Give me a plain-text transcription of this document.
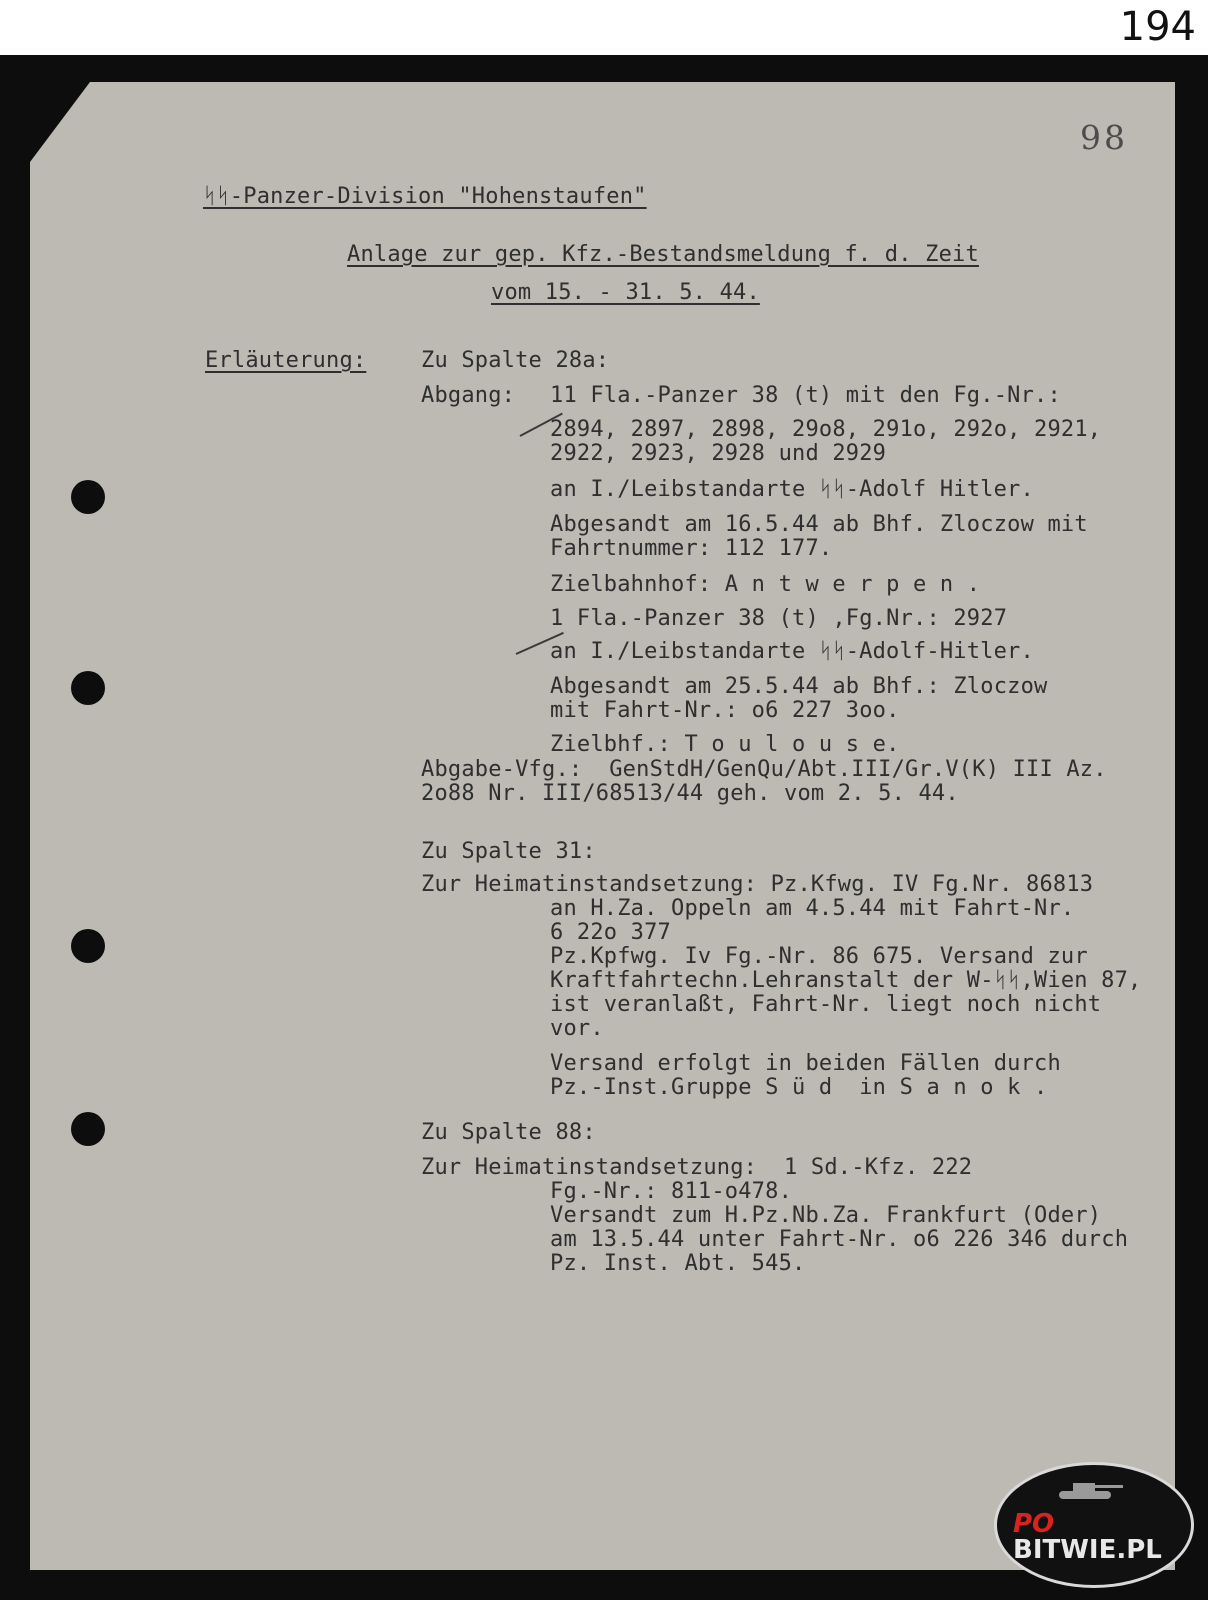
194
98
ᛋᛋ-Panzer-Division "Hohenstaufen"
Anlage zur gep. Kfz.-Bestandsmeldung f. d. Zeit
vom 15. - 31. 5. 44.
Erläuterung: Zu Spalte 28a:
Abgang: 11 Fla.-Panzer 38 (t) mit den Fg.-Nr.:
2894, 2897, 2898, 29o8, 291o, 292o, 2921,
2922, 2923, 2928 und 2929
an I./Leibstandarte ᛋᛋ-Adolf Hitler.
Abgesandt am 16.5.44 ab Bhf. Zloczow mit
Fahrtnummer: 112 177.
Zielbahnhof: A n t w e r p e n .
1 Fla.-Panzer 38 (t) ,Fg.Nr.: 2927
an I./Leibstandarte ᛋᛋ-Adolf-Hitler.
Abgesandt am 25.5.44 ab Bhf.: Zloczow
mit Fahrt-Nr.: o6 227 3oo.
Zielbhf.: T o u l o u s e.
Abgabe-Vfg.:  GenStdH/GenQu/Abt.III/Gr.V(K) III Az.
2o88 Nr. III/68513/44 geh. vom 2. 5. 44.
Zu Spalte 31:
Zur Heimatinstandsetzung: Pz.Kfwg. IV Fg.Nr. 86813
an H.Za. Oppeln am 4.5.44 mit Fahrt-Nr.
6 22o 377
Pz.Kpfwg. Iv Fg.-Nr. 86 675. Versand zur
Kraftfahrtechn.Lehranstalt der W-ᛋᛋ,Wien 87,
ist veranlaßt, Fahrt-Nr. liegt noch nicht
vor.
Versand erfolgt in beiden Fällen durch
Pz.-Inst.Gruppe S ü d  in S a n o k .
Zu Spalte 88:
Zur Heimatinstandsetzung:  1 Sd.-Kfz. 222
Fg.-Nr.: 811-o478.
Versandt zum H.Pz.Nb.Za. Frankfurt (Oder)
am 13.5.44 unter Fahrt-Nr. o6 226 346 durch
Pz. Inst. Abt. 545.
PO
BITWIE.PL
